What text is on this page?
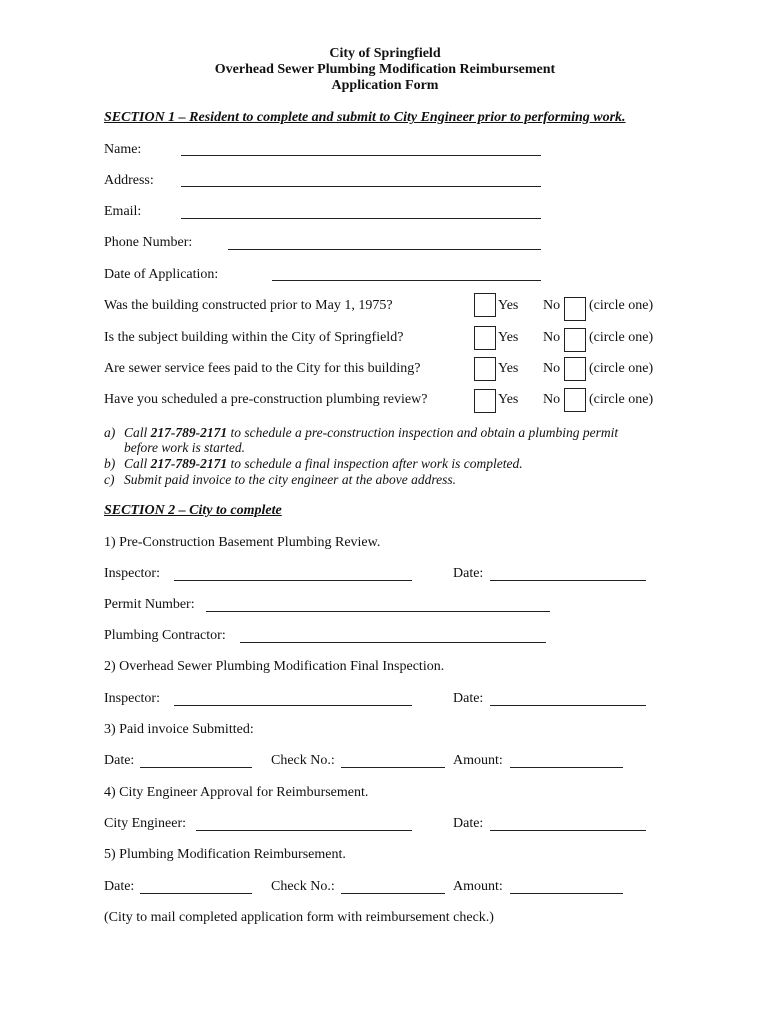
City of Springfield
Overhead Sewer Plumbing Modification Reimbursement
Application Form
SECTION 1 – Resident to complete and submit to City Engineer prior to performing work.
Name:
Address:
Email:
Phone Number:
Date of Application:
Was the building constructed prior to May 1, 1975?	Yes No (circle one)
Is the subject building within the City of Springfield?	Yes No (circle one)
Are sewer service fees paid to the City for this building?	Yes No (circle one)
Have you scheduled a pre-construction plumbing review?	Yes No (circle one)
a) Call 217-789-2171 to schedule a pre-construction inspection and obtain a plumbing permit
before work is started.
b) Call 217-789-2171 to schedule a final inspection after work is completed.
c) Submit paid invoice to the city engineer at the above address.
SECTION 2 – City to complete
1) Pre-Construction Basement Plumbing Review.
Inspector:	Date:
Permit Number:
Plumbing Contractor:
2) Overhead Sewer Plumbing Modification Final Inspection.
Inspector:	Date:
3) Paid invoice Submitted:
Date:	Check No.:	Amount:
4) City Engineer Approval for Reimbursement.
City Engineer:	Date:
5) Plumbing Modification Reimbursement.
Date:	Check No.:	Amount:
(City to mail completed application form with reimbursement check.)
